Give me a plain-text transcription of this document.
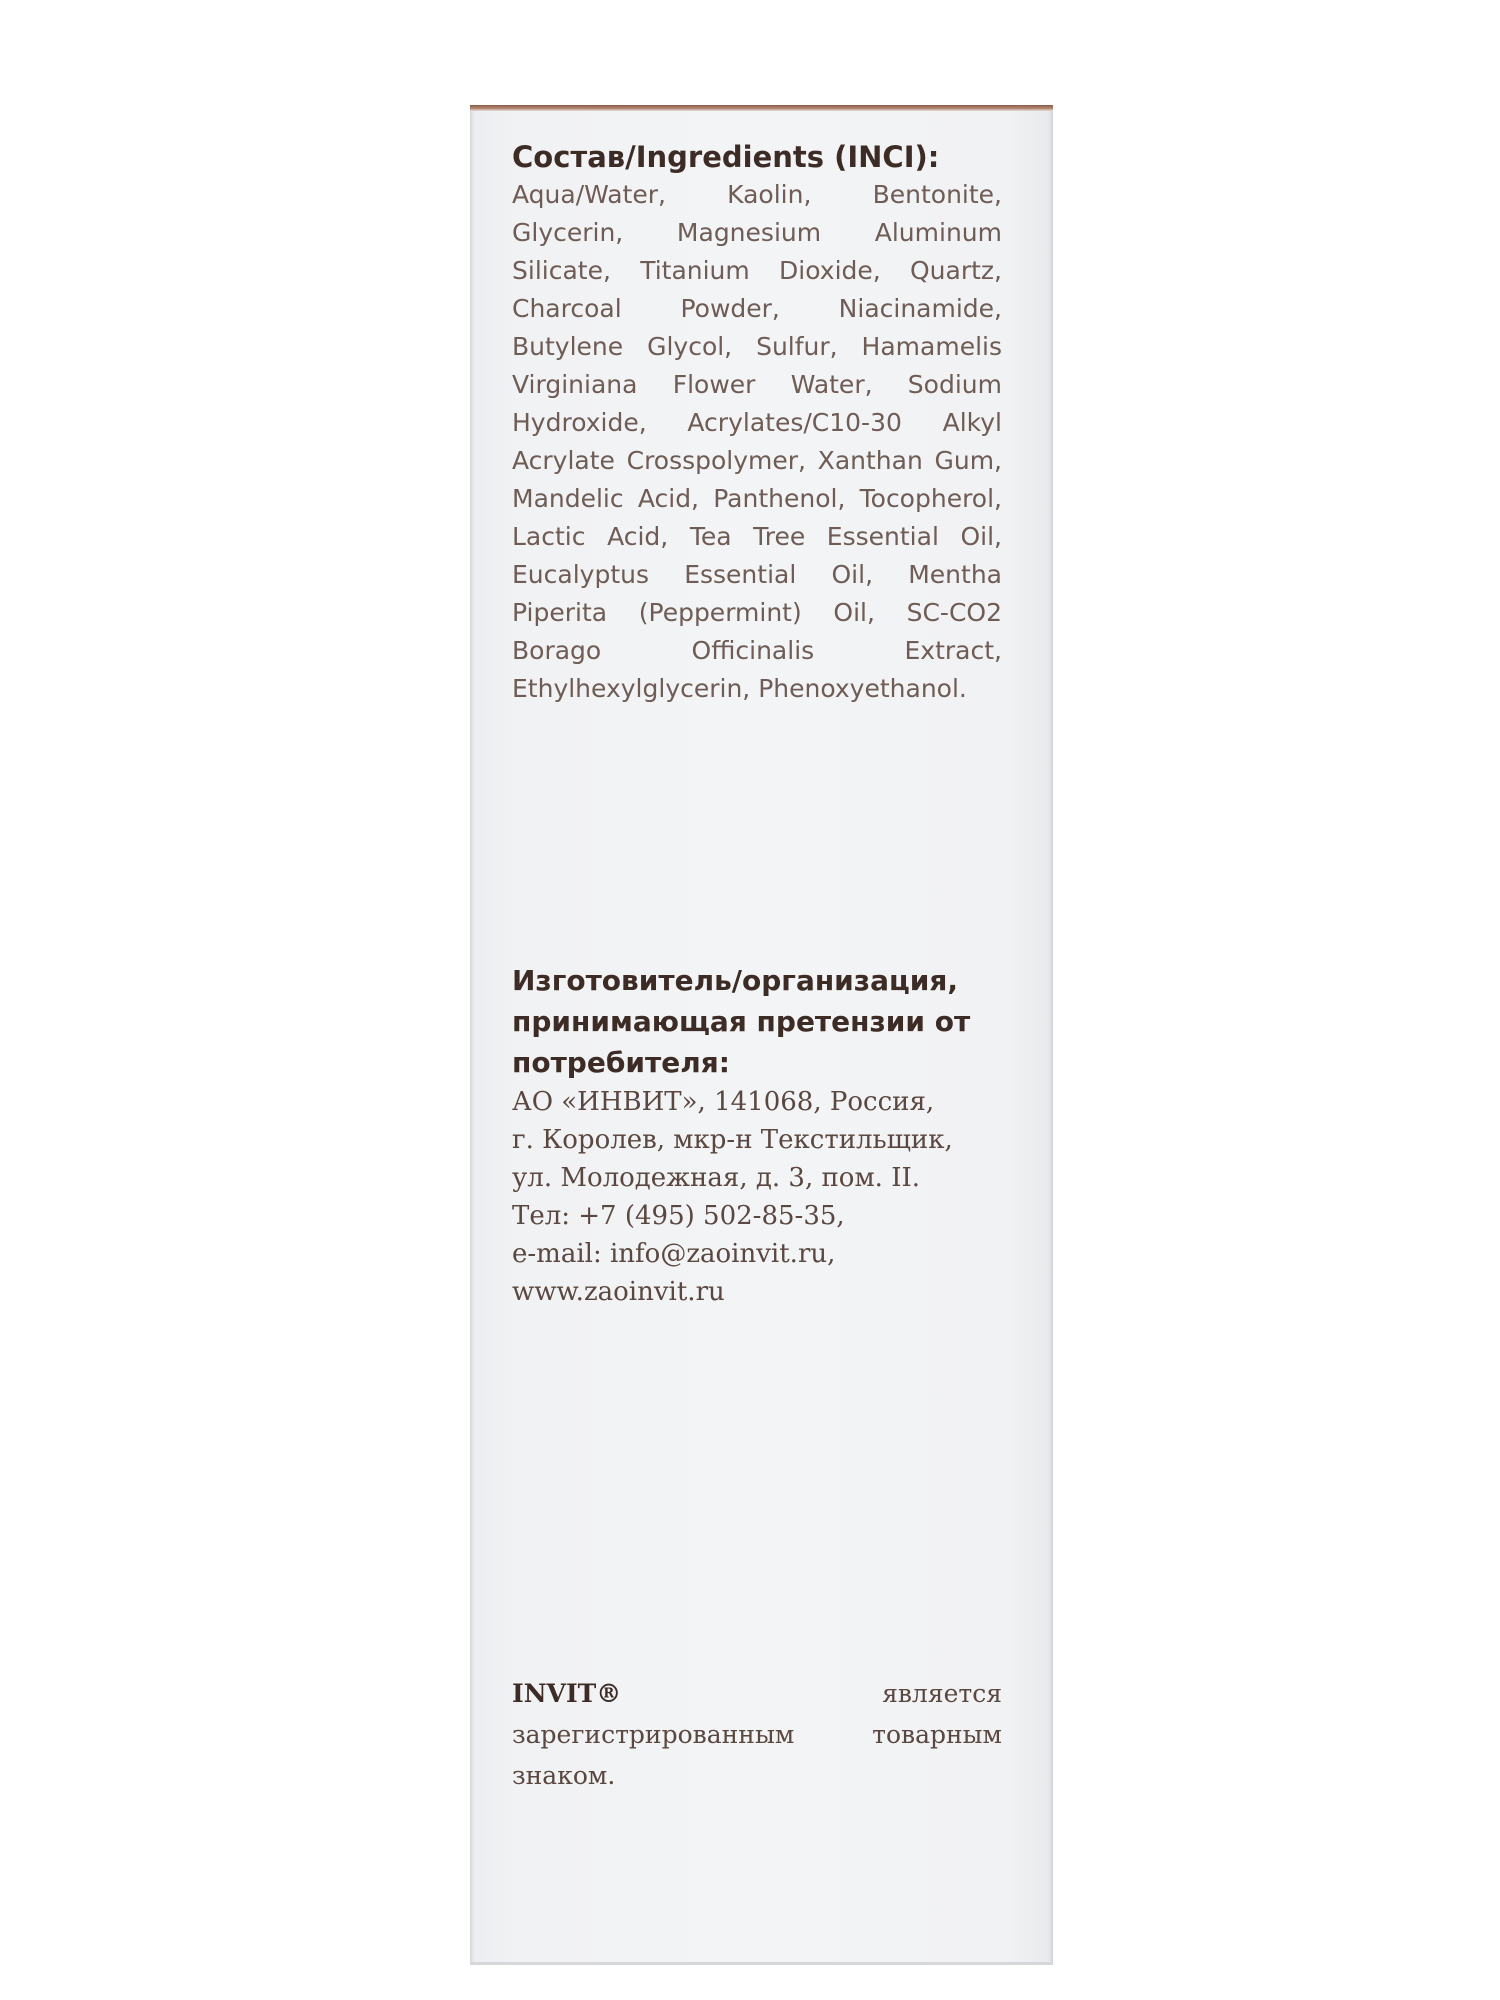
Состав/Ingredients (INCI):

Aqua/Water, Kaolin, Bentonite, Glycerin, Magnesium Aluminum Silicate, Titanium Dioxide, Quartz, Charcoal Powder, Niacinamide, Butylene Glycol, Sulfur, Hamamelis Virginiana Flower Water, Sodium Hydroxide, Acrylates/C10-30 Alkyl Acrylate Crosspolymer, Xanthan Gum, Mandelic Acid, Panthenol, Tocopherol, Lactic Acid, Tea Tree Essential Oil, Eucalyptus Essential Oil, Mentha Piperita (Peppermint) Oil, SC-CO2 Borago Officinalis Extract, Ethylhexylglycerin, Phenoxyethanol.

Изготовитель/организация, принимающая претензии от потребителя:

АО «ИНВИТ», 141068, Россия,

г. Королев, мкр-н Текстильщик,

ул. Молодежная, д. 3, пом. II.

Тел: +7 (495) 502-85-35,

e-mail: info@zaoinvit.ru,

www.zaoinvit.ru

INVIT® является зарегистрированным товарным знаком.
